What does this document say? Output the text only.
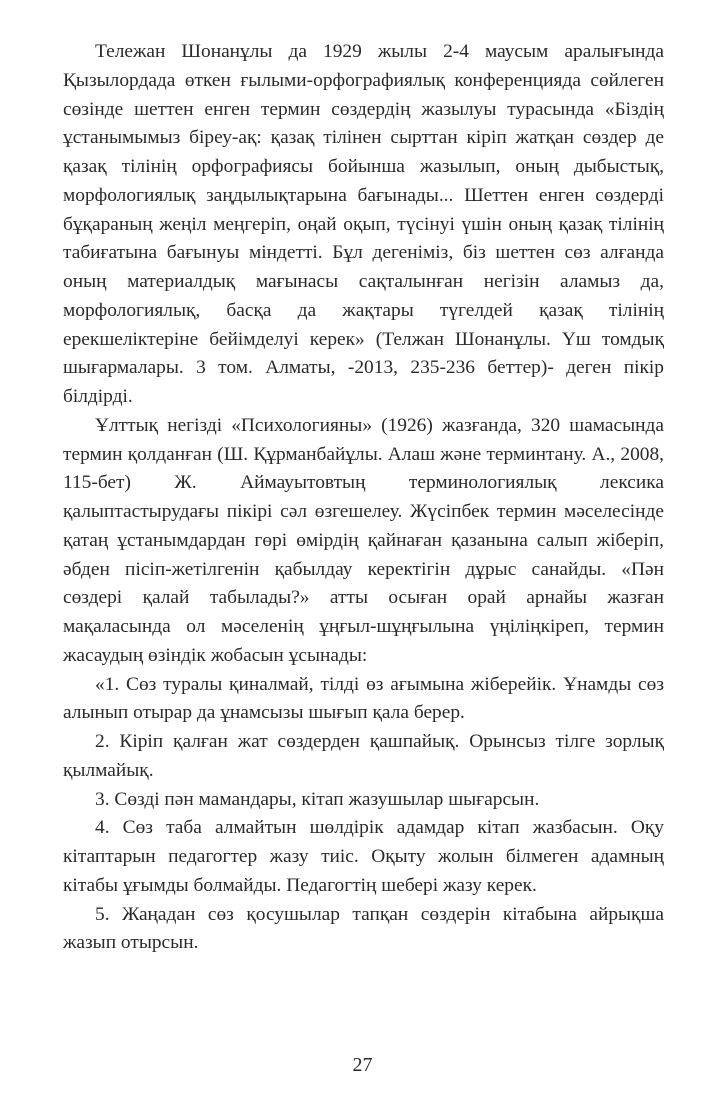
Тележан Шонанұлы да 1929 жылы 2-4 маусым аралығында Қызылордада өткен ғылыми-орфографиялық конференцияда сөйлеген сөзінде шеттен енген термин сөздердің жазылуы турасында «Біздің ұстанымымыз біреу-ақ: қазақ тілінен сырттан кіріп жатқан сөздер де қазақ тілінің орфографиясы бойынша жазылып, оның дыбыстық, морфологиялық заңдылықтарына бағынады... Шеттен енген сөздерді бұқараның жеңіл меңгеріп, оңай оқып, түсінуі үшін оның қазақ тілінің табиғатына бағынуы міндетті. Бұл дегеніміз, біз шеттен сөз алғанда оның материалдық мағынасы сақталынған негізін аламыз да, морфологиялық, басқа да жақтары түгелдей қазақ тілінің ерекшеліктеріне бейімделуі керек» (Телжан Шонанұлы. Үш томдық шығармалары. 3 том. Алматы, -2013, 235-236 беттер)- деген пікір білдірді.

Ұлттық негізді «Психологияны» (1926) жазғанда, 320 шамасында термин қолданған (Ш. Құрманбайұлы. Алаш және терминтану. А., 2008, 115-бет) Ж. Аймауытовтың терминологиялық лексика қалыптастырудағы пікірі сәл өзгешелеу. Жүсіпбек термин мәселесінде қатаң ұстанымдардан гөрі өмірдің қайнаған қазанына салып жіберіп, әбден пісіп-жетілгенін қабылдау керектігін дұрыс санайды. «Пән сөздері қалай табылады?» атты осыған орай арнайы жазған мақаласында ол мәселенің ұңғыл-шұңғылына үңіліңкіреп, термин жасаудың өзіндік жобасын ұсынады:

«1. Сөз туралы қиналмай, тілді өз ағымына жіберейік. Ұнамды сөз алынып отырар да ұнамсызы шығып қала берер.

2. Кіріп қалған жат сөздерден қашпайық. Орынсыз тілге зорлық қылмайық.

3. Сөзді пән мамандары, кітап жазушылар шығарсын.

4. Сөз таба алмайтын шөлдірік адамдар кітап жазбасын. Оқу кітаптарын педагогтер жазу тиіс. Оқыту жолын білмеген адамның кітабы ұғымды болмайды. Педагогтің шебері жазу керек.

5. Жаңадан сөз қосушылар тапқан сөздерін кітабына айрықша жазып отырсын.

27
